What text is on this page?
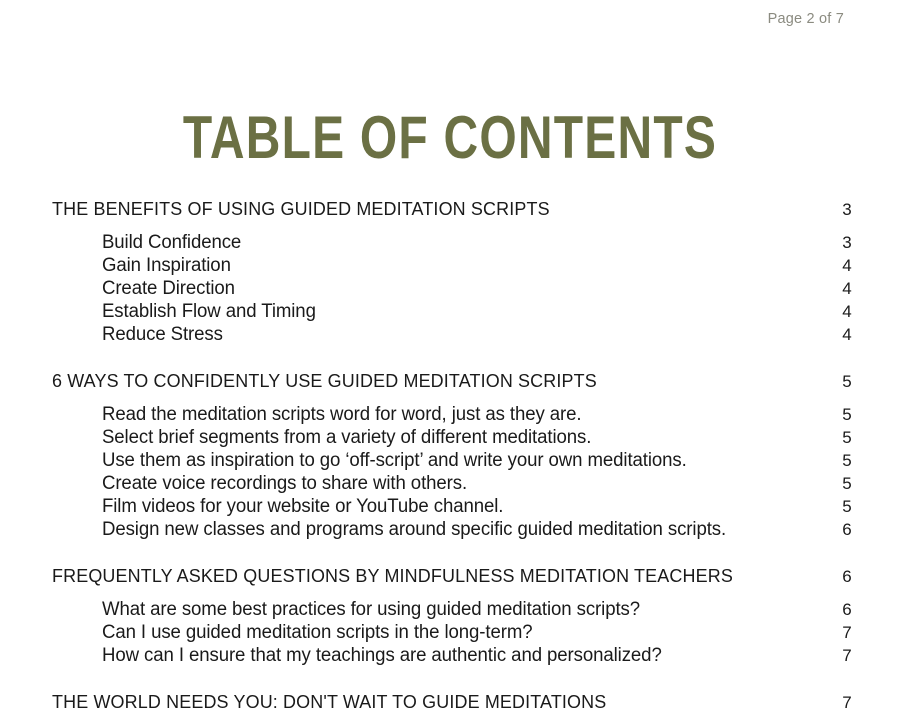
Page 2 of 7
TABLE OF CONTENTS
THE BENEFITS OF USING GUIDED MEDITATION SCRIPTS	3
Build Confidence	3
Gain Inspiration	4
Create Direction	4
Establish Flow and Timing	4
Reduce Stress	4
6 WAYS TO CONFIDENTLY USE GUIDED MEDITATION SCRIPTS	5
Read the meditation scripts word for word, just as they are.	5
Select brief segments from a variety of different meditations.	5
Use them as inspiration to go ‘off-script’ and write your own meditations.	5
Create voice recordings to share with others.	5
Film videos for your website or YouTube channel.	5
Design new classes and programs around specific guided meditation scripts.	6
FREQUENTLY ASKED QUESTIONS BY MINDFULNESS MEDITATION TEACHERS	6
What are some best practices for using guided meditation scripts?	6
Can I use guided meditation scripts in the long-term?	7
How can I ensure that my teachings are authentic and personalized?	7
THE WORLD NEEDS YOU: DON'T WAIT TO GUIDE MEDITATIONS	7
